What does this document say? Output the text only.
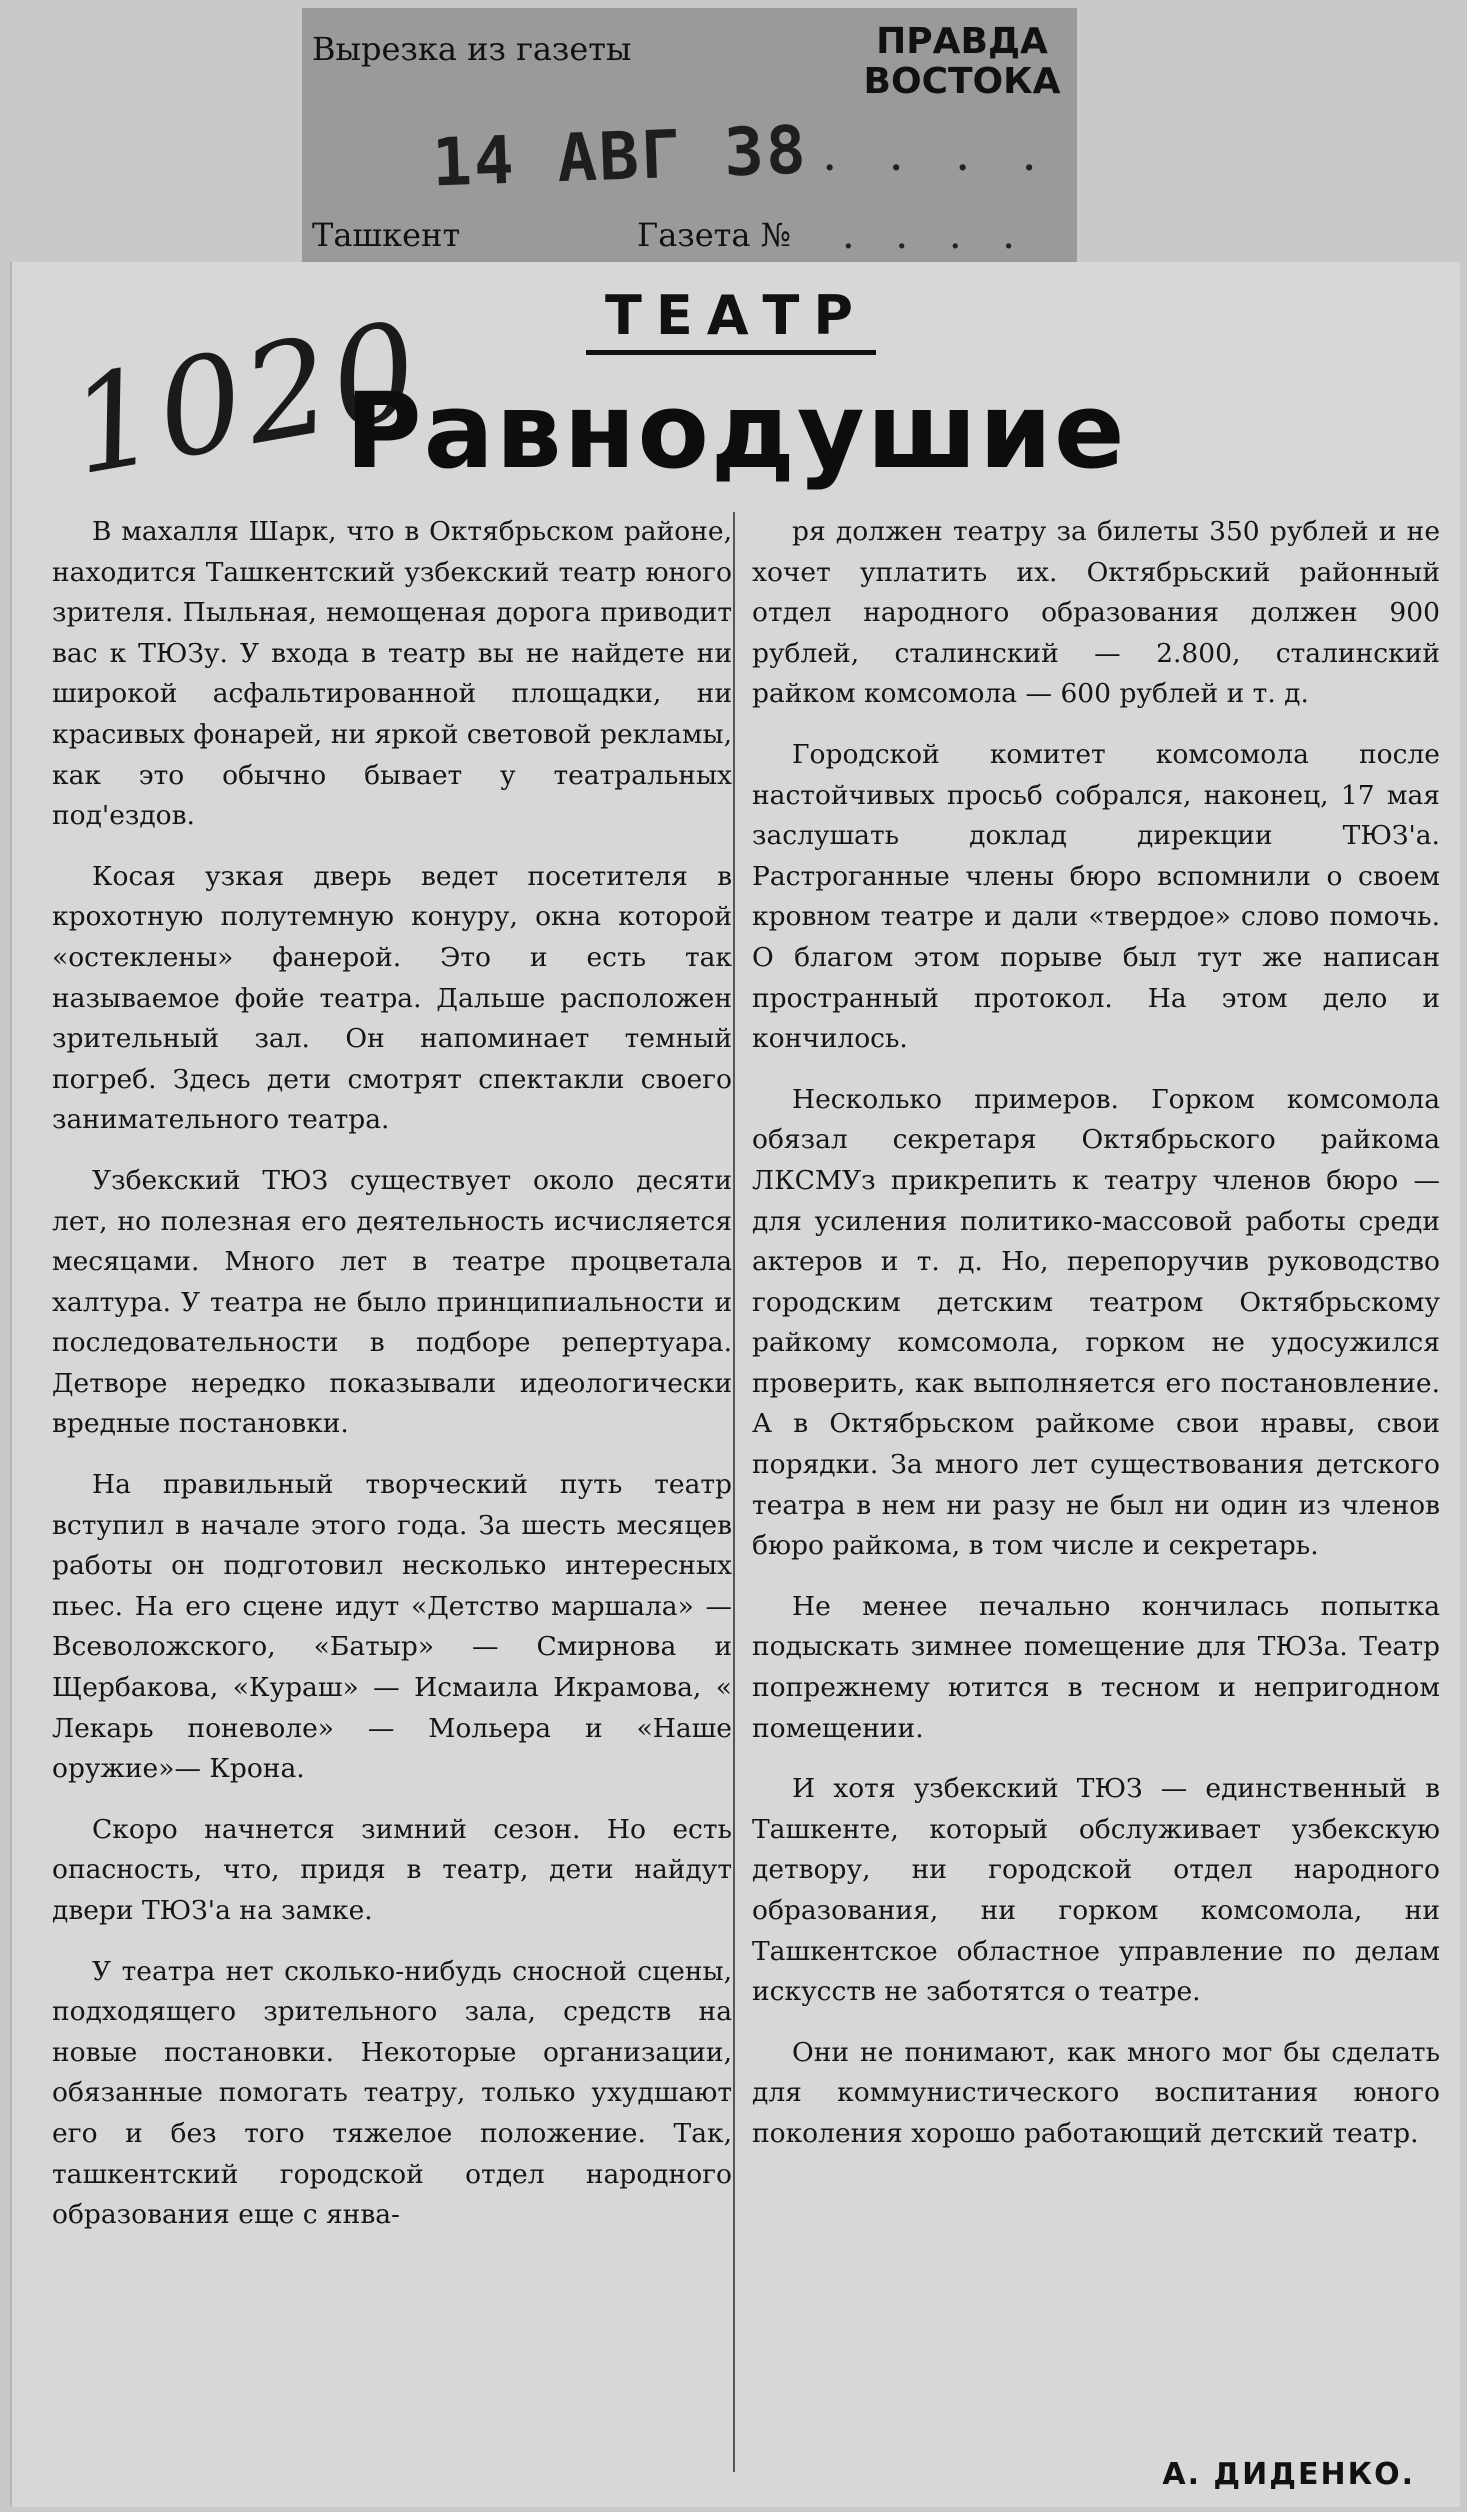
Вырезка из газеты	ПРАВДА ВОСТОКА
14 АВГ 38 . . . .
Ташкент	Газета № . . . .
1020	ТЕАТР
Равнодушие

В махалля Шарк, что в Октябрьском районе, находится Ташкентский узбекский театр юного зрителя. Пыльная, немощеная дорога приводит вас к ТЮЗу. У входа в театр вы не найдете ни широкой асфальтированной площадки, ни красивых фонарей, ни яркой световой рекламы, как это обычно бывает у театральных под'ездов.

Косая узкая дверь ведет посетителя в крохотную полутемную конуру, окна которой «остеклены» фанерой. Это и есть так называемое фойе театра. Дальше расположен зрительный зал. Он напоминает темный погреб. Здесь дети смотрят спектакли своего занимательного театра.

Узбекский ТЮЗ существует около десяти лет, но полезная его деятельность исчисляется месяцами. Много лет в театре процветала халтура. У театра не было принципиальности и последовательности в подборе репертуара. Детворе нередко показывали идеологически вредные постановки.

На правильный творческий путь театр вступил в начале этого года. За шесть месяцев работы он подготовил несколько интересных пьес. На его сцене идут «Детство маршала» — Всеволожского, «Батыр» — Смирнова и Щербакова, «Кураш» — Исмаила Икрамова, « Лекарь поневоле» — Мольера и «Наше оружие»— Крона.

Скоро начнется зимний сезон. Но есть опасность, что, придя в театр, дети найдут двери ТЮЗ'а на замке.

У театра нет сколько-нибудь сносной сцены, подходящего зрительного зала, средств на новые постановки. Некоторые организации, обязанные помогать театру, только ухудшают его и без того тяжелое положение. Так, ташкентский городской отдел народного образования еще с янва-

ря должен театру за билеты 350 рублей и не хочет уплатить их. Октябрьский районный отдел народного образования должен 900 рублей, сталинский — 2.800, сталинский райком комсомола — 600 рублей и т. д.

Городской комитет комсомола после настойчивых просьб собрался, наконец, 17 мая заслушать доклад дирекции ТЮЗ'а. Растроганные члены бюро вспомнили о своем кровном театре и дали «твердое» слово помочь. О благом этом порыве был тут же написан пространный протокол. На этом дело и кончилось.

Несколько примеров. Горком комсомола обязал секретаря Октябрьского райкома ЛКСМУз прикрепить к театру членов бюро — для усиления политико-массовой работы среди актеров и т. д. Но, перепоручив руководство городским детским театром Октябрьскому райкому комсомола, горком не удосужился проверить, как выполняется его постановление. А в Октябрьском райкоме свои нравы, свои порядки. За много лет существования детского театра в нем ни разу не был ни один из членов бюро райкома, в том числе и секретарь.

Не менее печально кончилась попытка подыскать зимнее помещение для ТЮЗа. Театр попрежнему ютится в тесном и непригодном помещении.

И хотя узбекский ТЮЗ — единственный в Ташкенте, который обслуживает узбекскую детвору, ни городской отдел народного образования, ни горком комсомола, ни Ташкентское областное управление по делам искусств не заботятся о театре.

Они не понимают, как много мог бы сделать для коммунистического воспитания юного поколения хорошо работающий детский театр.

А. ДИДЕНКО.
